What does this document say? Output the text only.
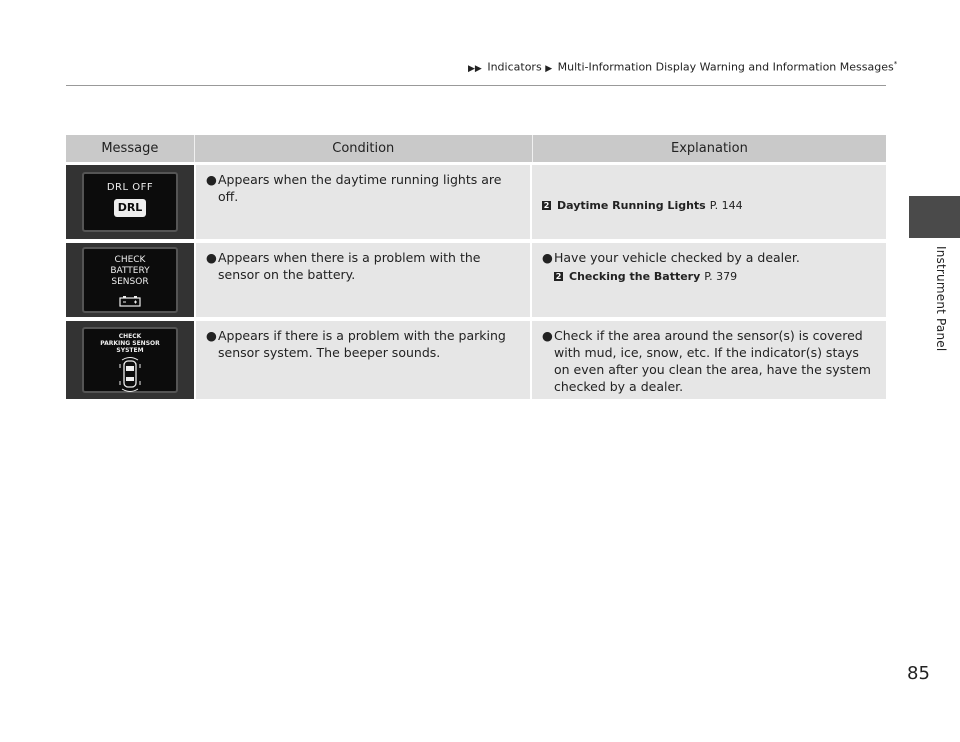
▶▶ Indicators ▶ Multi-Information Display Warning and Information Messages*
Instrument Panel
Message	Condition	Explanation
DRL OFF
DRL
● Appears when the daytime running lights are off.
2 Daytime Running Lights P. 144
CHECK
BATTERY
SENSOR
● Appears when there is a problem with the sensor on the battery.
● Have your vehicle checked by a dealer.
2 Checking the Battery P. 379
CHECK
PARKING SENSOR
SYSTEM
● Appears if there is a problem with the parking sensor system. The beeper sounds.
● Check if the area around the sensor(s) is covered with mud, ice, snow, etc. If the indicator(s) stays on even after you clean the area, have the system checked by a dealer.
85
